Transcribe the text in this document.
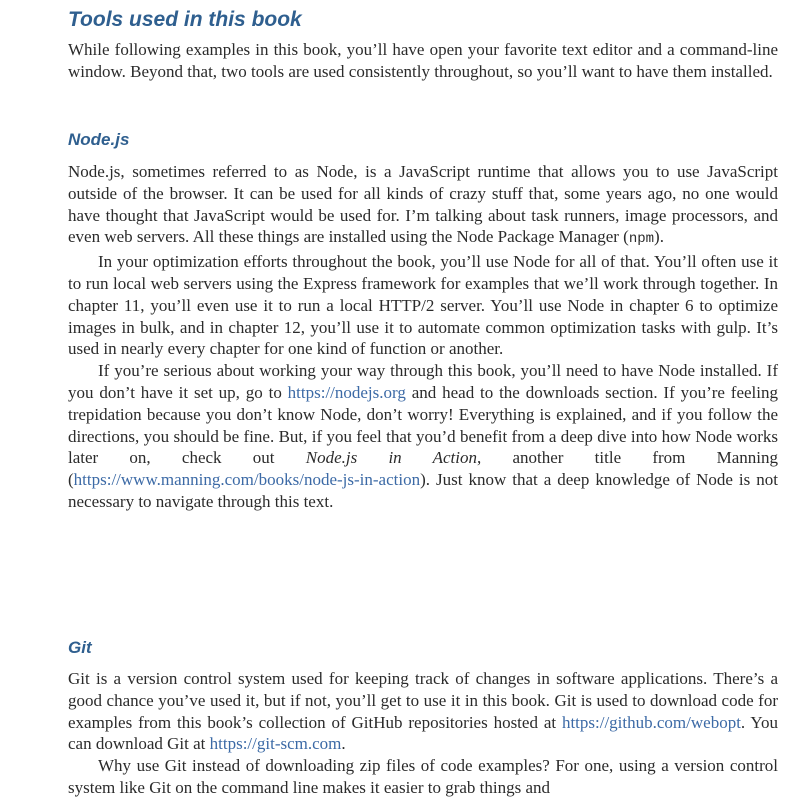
Tools used in this book

While following examples in this book, you’ll have open your favorite text editor and a command-line window. Beyond that, two tools are used consistently throughout, so you’ll want to have them installed.

Node.js

Node.js, sometimes referred to as Node, is a JavaScript runtime that allows you to use JavaScript outside of the browser. It can be used for all kinds of crazy stuff that, some years ago, no one would have thought that JavaScript would be used for. I’m talking about task runners, image processors, and even web servers. All these things are installed using the Node Package Manager (npm).

In your optimization efforts throughout the book, you’ll use Node for all of that. You’ll often use it to run local web servers using the Express framework for examples that we’ll work through together. In chapter 11, you’ll even use it to run a local HTTP/2 server. You’ll use Node in chapter 6 to optimize images in bulk, and in chapter 12, you’ll use it to automate common optimization tasks with gulp. It’s used in nearly every chapter for one kind of function or another.

If you’re serious about working your way through this book, you’ll need to have Node installed. If you don’t have it set up, go to https://nodejs.org and head to the downloads section. If you’re feeling trepidation because you don’t know Node, don’t worry! Everything is explained, and if you follow the directions, you should be fine. But, if you feel that you’d benefit from a deep dive into how Node works later on, check out Node.js in Action, another title from Manning (https://www.manning.com/books/node-js-in-action). Just know that a deep knowledge of Node is not necessary to navigate through this text.

Git

Git is a version control system used for keeping track of changes in software applications. There’s a good chance you’ve used it, but if not, you’ll get to use it in this book. Git is used to download code for examples from this book’s collection of GitHub repositories hosted at https://github.com/webopt. You can download Git at https://git-scm.com.

Why use Git instead of downloading zip files of code examples? For one, using a version control system like Git on the command line makes it easier to grab things and
